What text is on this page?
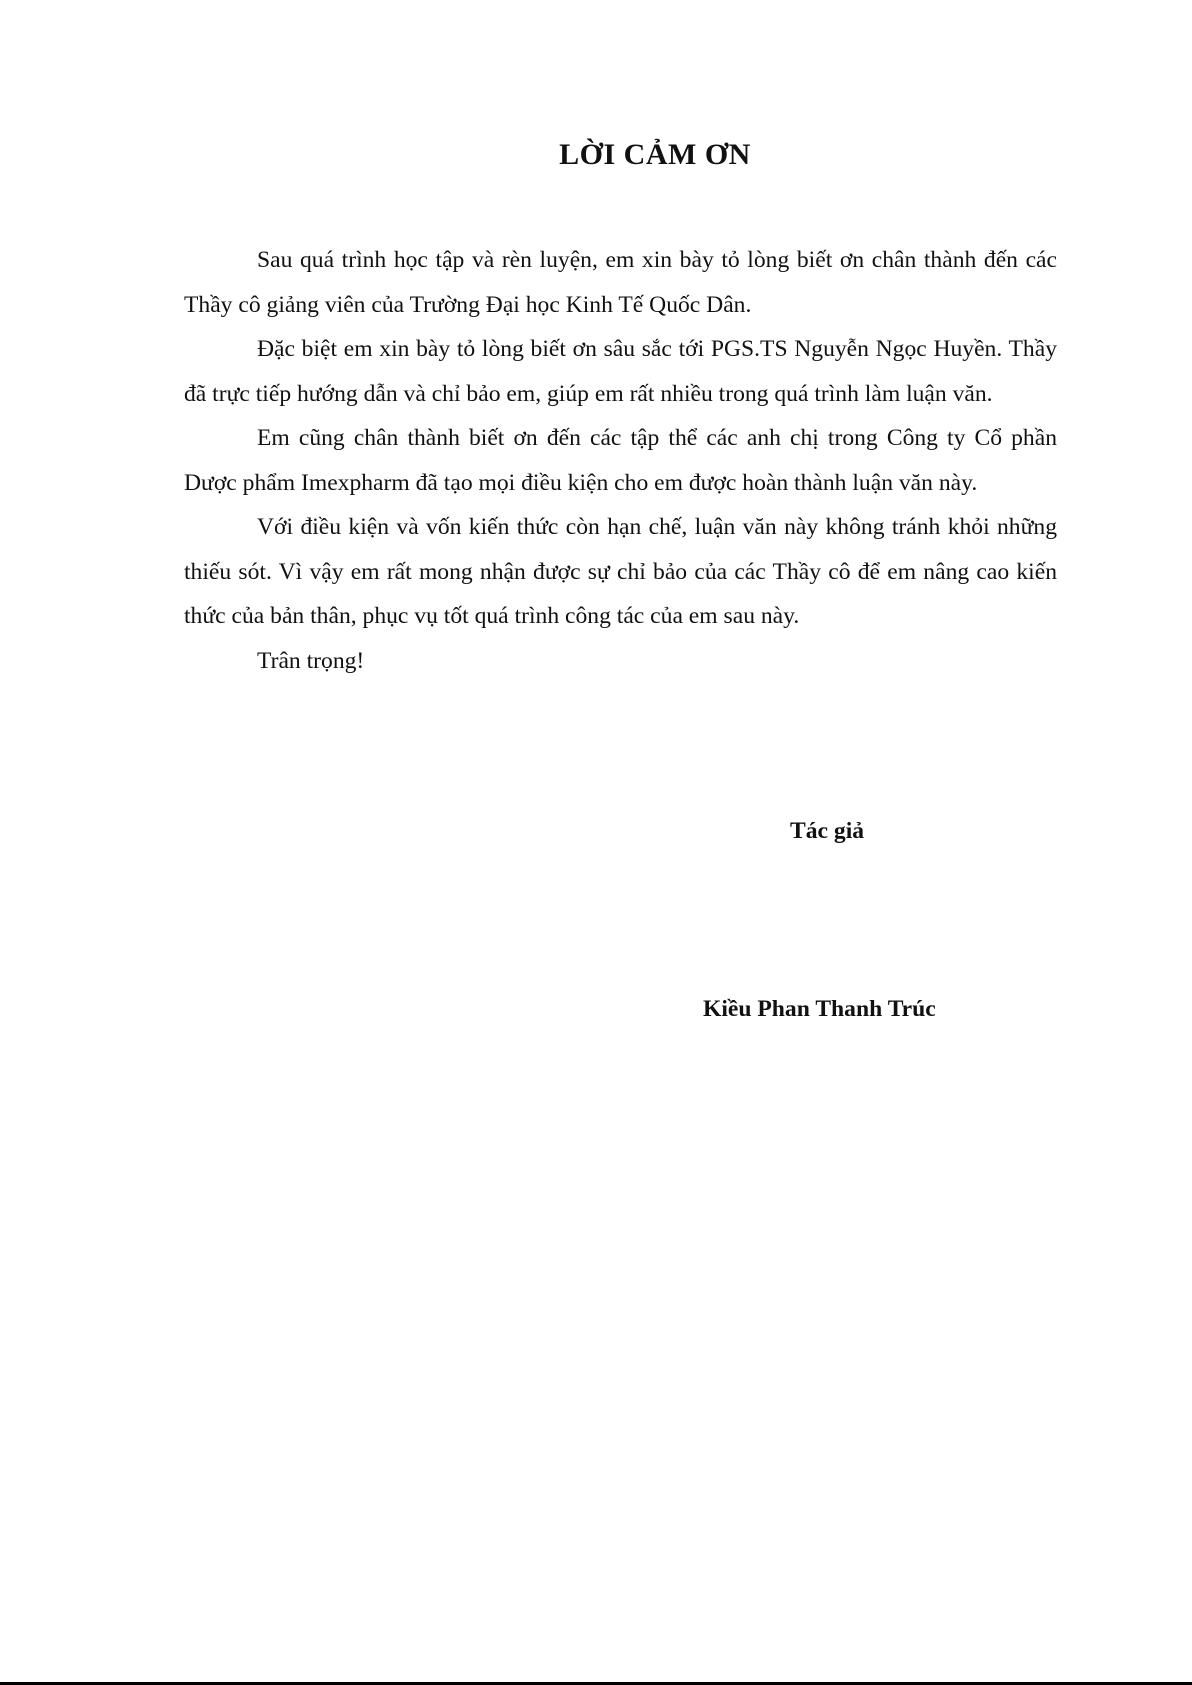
LỜI CẢM ƠN

Sau quá trình học tập và rèn luyện, em xin bày tỏ lòng biết ơn chân thành đến các Thầy cô giảng viên của Trường Đại học Kinh Tế Quốc Dân.

Đặc biệt em xin bày tỏ lòng biết ơn sâu sắc tới PGS.TS Nguyễn Ngọc Huyền. Thầy đã trực tiếp hướng dẫn và chỉ bảo em, giúp em rất nhiều trong quá trình làm luận văn.

Em cũng chân thành biết ơn đến các tập thể các anh chị trong Công ty Cổ phần Dược phẩm Imexpharm đã tạo mọi điều kiện cho em được hoàn thành luận văn này.

Với điều kiện và vốn kiến thức còn hạn chế, luận văn này không tránh khỏi những thiếu sót. Vì vậy em rất mong nhận được sự chỉ bảo của các Thầy cô để em nâng cao kiến thức của bản thân, phục vụ tốt quá trình công tác của em sau này.

Trân trọng!

Tác giả

Kiều Phan Thanh Trúc
